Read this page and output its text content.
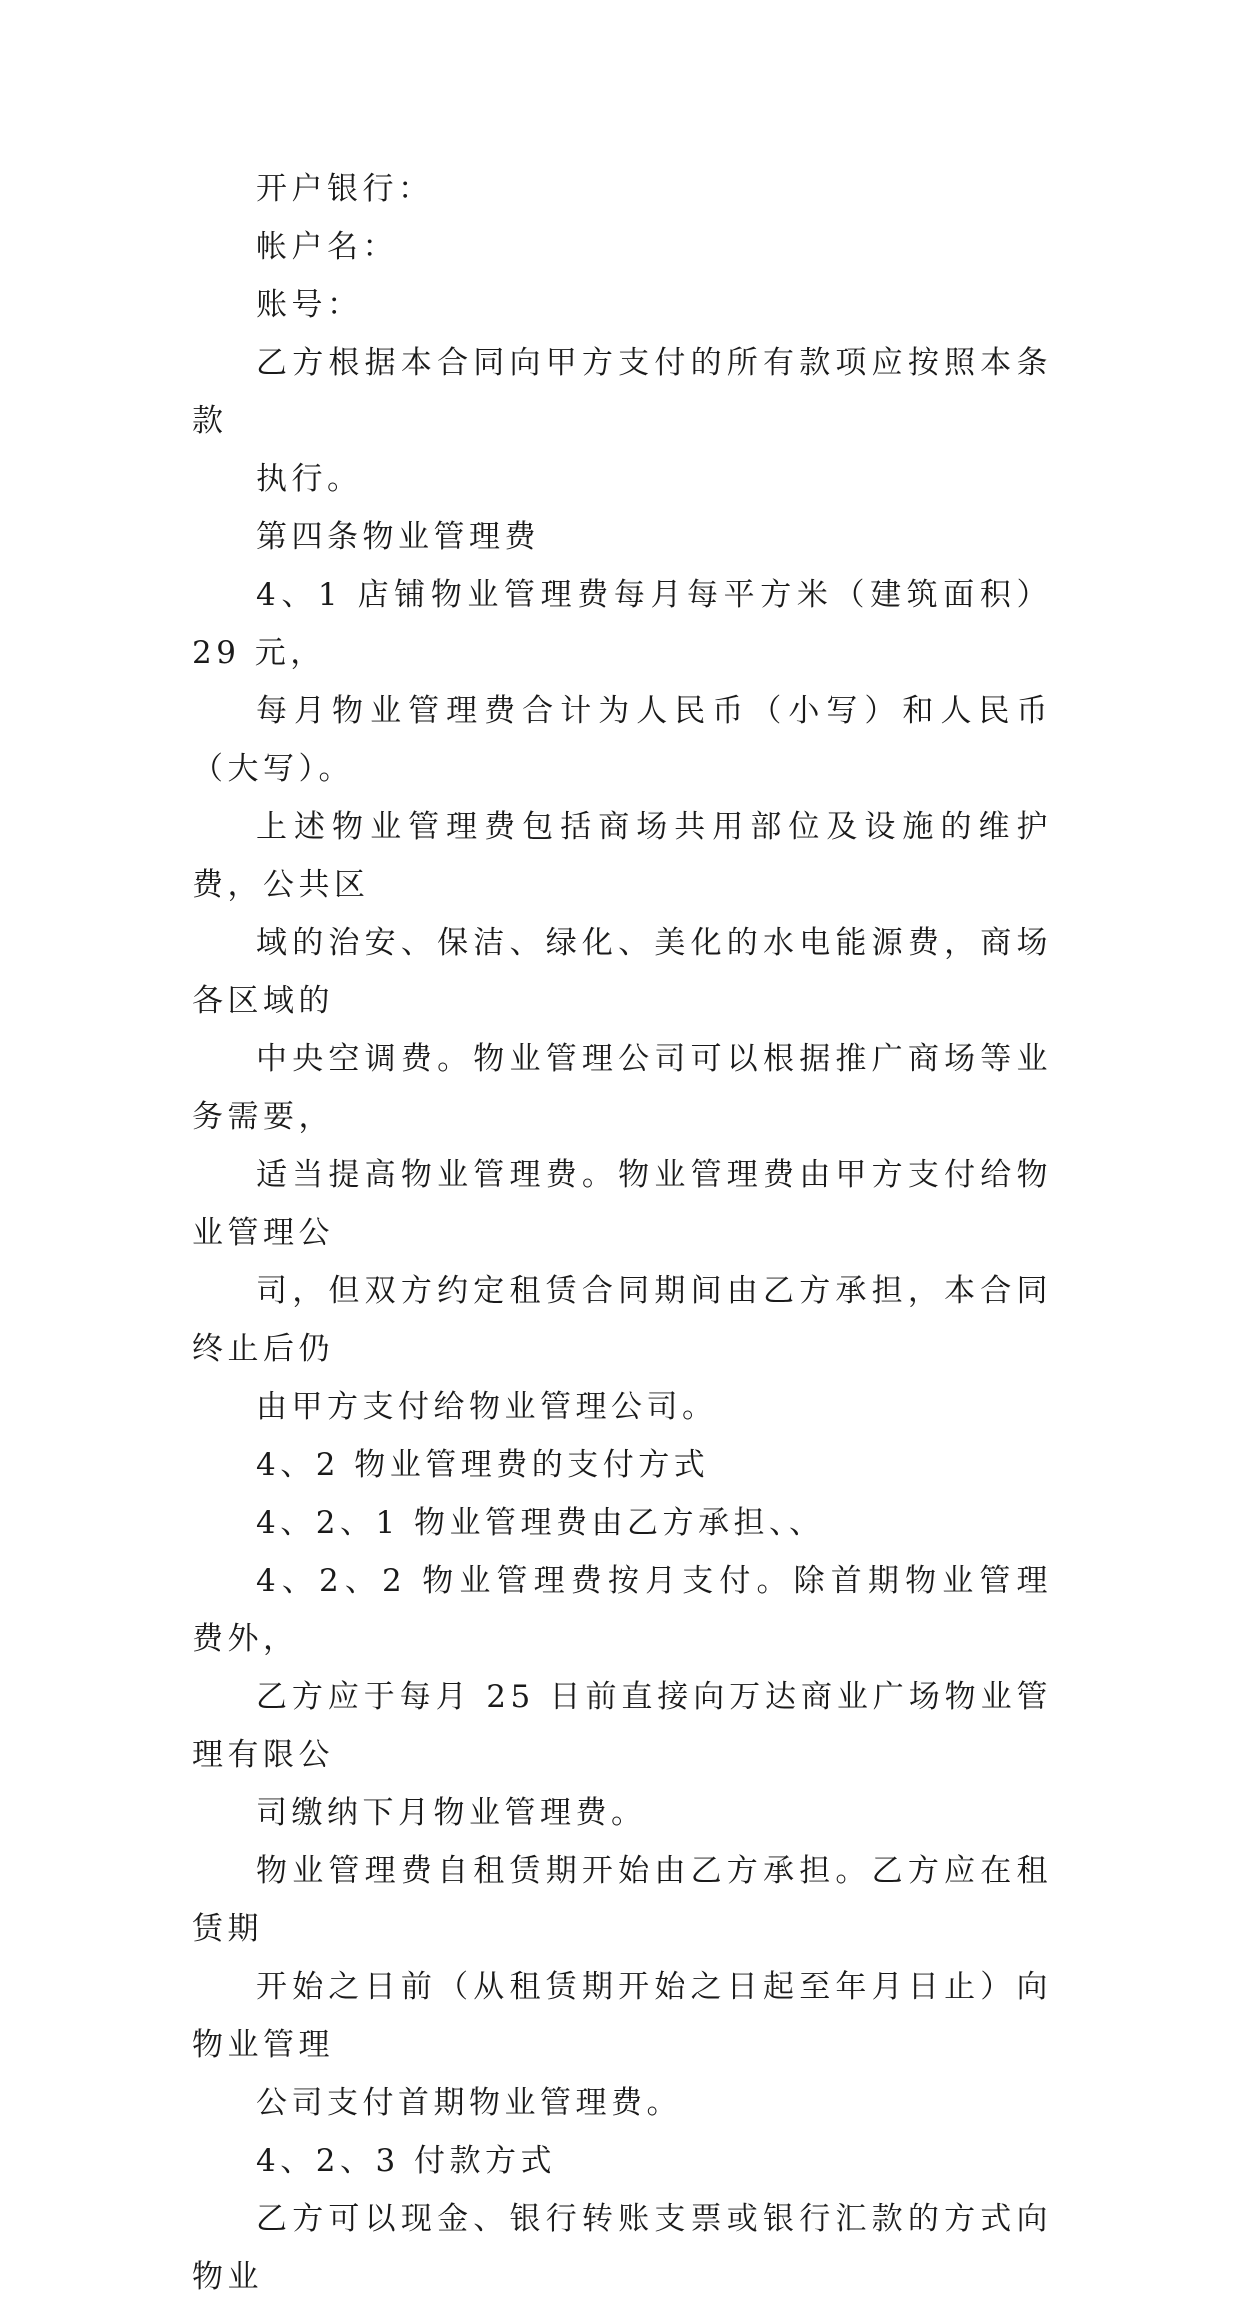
开户银行：

帐户名：

账号：

乙方根据本合同向甲方支付的所有款项应按照本条款
执行。

第四条物业管理费

4、1 店铺物业管理费每月每平方米（建筑面积）29 元，
每月物业管理费合计为人民币（小写）和人民币（大写）。
上述物业管理费包括商场共用部位及设施的维护费，公共区
域的治安、保洁、绿化、美化的水电能源费，商场各区域的
中央空调费。物业管理公司可以根据推广商场等业务需要，
适当提高物业管理费。物业管理费由甲方支付给物业管理公
司，但双方约定租赁合同期间由乙方承担，本合同终止后仍
由甲方支付给物业管理公司。

4、2 物业管理费的支付方式

4、2、1 物业管理费由乙方承担、、

4、2、2 物业管理费按月支付。除首期物业管理费外，
乙方应于每月 25 日前直接向万达商业广场物业管理有限公
司缴纳下月物业管理费。

物业管理费自租赁期开始由乙方承担。乙方应在租赁期
开始之日前（从租赁期开始之日起至年月日止）向物业管理
公司支付首期物业管理费。

4、2、3 付款方式

乙方可以现金、银行转账支票或银行汇款的方式向物业
